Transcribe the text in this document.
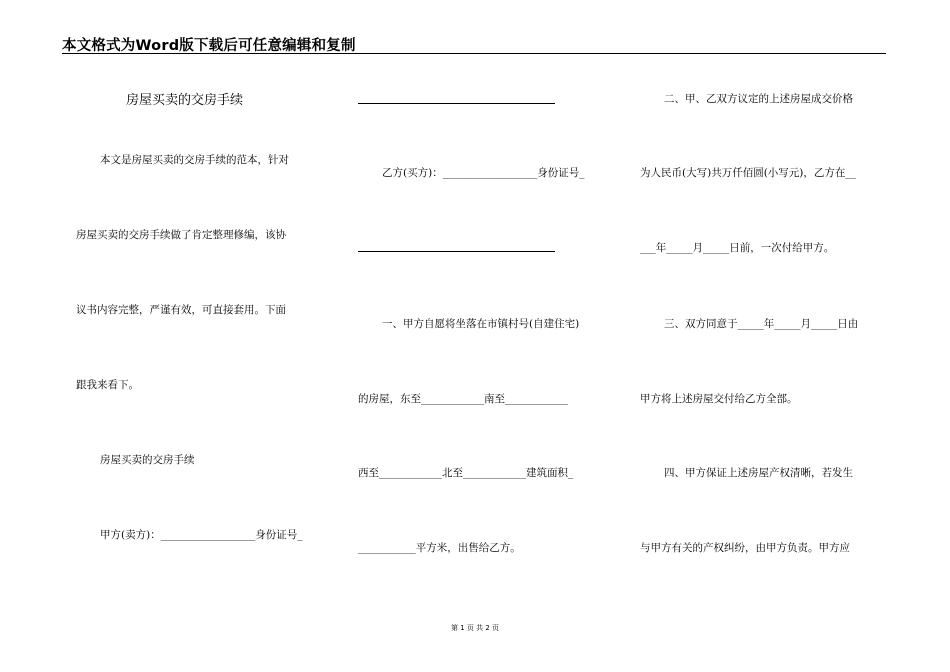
本文格式为Word版下载后可任意编辑和复制
房屋买卖的交房手续
本文是房屋买卖的交房手续的范本，针对
房屋买卖的交房手续做了肯定整理修编，该协
议书内容完整，严谨有效，可直接套用。下面
跟我来看下。
房屋买卖的交房手续
甲方(卖方)：__________________身份证号_
乙方(买方)：__________________身份证号_
一、甲方自愿将坐落在市镇村号(自建住宅)
的房屋，东至____________南至____________
西至____________北至____________建筑面积_
___________平方米，出售给乙方。
二、甲、乙双方议定的上述房屋成交价格
为人民币(大写)共万仟佰圆(小写元)，乙方在__
___年_____月_____日前，一次付给甲方。
三、双方同意于_____年_____月_____日由
甲方将上述房屋交付给乙方全部。
四、甲方保证上述房屋产权清晰，若发生
与甲方有关的产权纠纷，由甲方负责。甲方应
第 1 页 共 2 页
